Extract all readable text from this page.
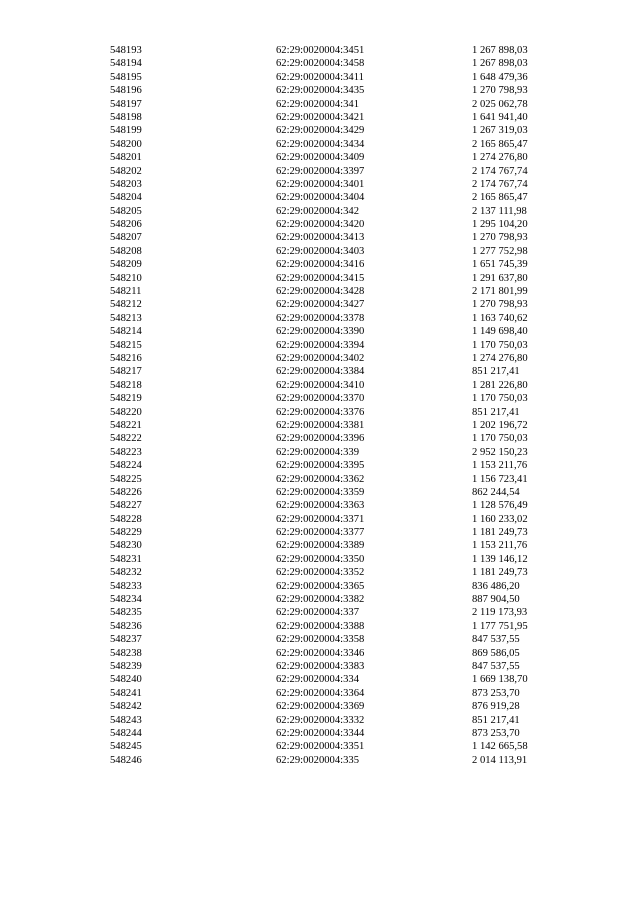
548193	62:29:0020004:3451	1 267 898,03
548194	62:29:0020004:3458	1 267 898,03
548195	62:29:0020004:3411	1 648 479,36
548196	62:29:0020004:3435	1 270 798,93
548197	62:29:0020004:341	2 025 062,78
548198	62:29:0020004:3421	1 641 941,40
548199	62:29:0020004:3429	1 267 319,03
548200	62:29:0020004:3434	2 165 865,47
548201	62:29:0020004:3409	1 274 276,80
548202	62:29:0020004:3397	2 174 767,74
548203	62:29:0020004:3401	2 174 767,74
548204	62:29:0020004:3404	2 165 865,47
548205	62:29:0020004:342	2 137 111,98
548206	62:29:0020004:3420	1 295 104,20
548207	62:29:0020004:3413	1 270 798,93
548208	62:29:0020004:3403	1 277 752,98
548209	62:29:0020004:3416	1 651 745,39
548210	62:29:0020004:3415	1 291 637,80
548211	62:29:0020004:3428	2 171 801,99
548212	62:29:0020004:3427	1 270 798,93
548213	62:29:0020004:3378	1 163 740,62
548214	62:29:0020004:3390	1 149 698,40
548215	62:29:0020004:3394	1 170 750,03
548216	62:29:0020004:3402	1 274 276,80
548217	62:29:0020004:3384	851 217,41
548218	62:29:0020004:3410	1 281 226,80
548219	62:29:0020004:3370	1 170 750,03
548220	62:29:0020004:3376	851 217,41
548221	62:29:0020004:3381	1 202 196,72
548222	62:29:0020004:3396	1 170 750,03
548223	62:29:0020004:339	2 952 150,23
548224	62:29:0020004:3395	1 153 211,76
548225	62:29:0020004:3362	1 156 723,41
548226	62:29:0020004:3359	862 244,54
548227	62:29:0020004:3363	1 128 576,49
548228	62:29:0020004:3371	1 160 233,02
548229	62:29:0020004:3377	1 181 249,73
548230	62:29:0020004:3389	1 153 211,76
548231	62:29:0020004:3350	1 139 146,12
548232	62:29:0020004:3352	1 181 249,73
548233	62:29:0020004:3365	836 486,20
548234	62:29:0020004:3382	887 904,50
548235	62:29:0020004:337	2 119 173,93
548236	62:29:0020004:3388	1 177 751,95
548237	62:29:0020004:3358	847 537,55
548238	62:29:0020004:3346	869 586,05
548239	62:29:0020004:3383	847 537,55
548240	62:29:0020004:334	1 669 138,70
548241	62:29:0020004:3364	873 253,70
548242	62:29:0020004:3369	876 919,28
548243	62:29:0020004:3332	851 217,41
548244	62:29:0020004:3344	873 253,70
548245	62:29:0020004:3351	1 142 665,58
548246	62:29:0020004:335	2 014 113,91
